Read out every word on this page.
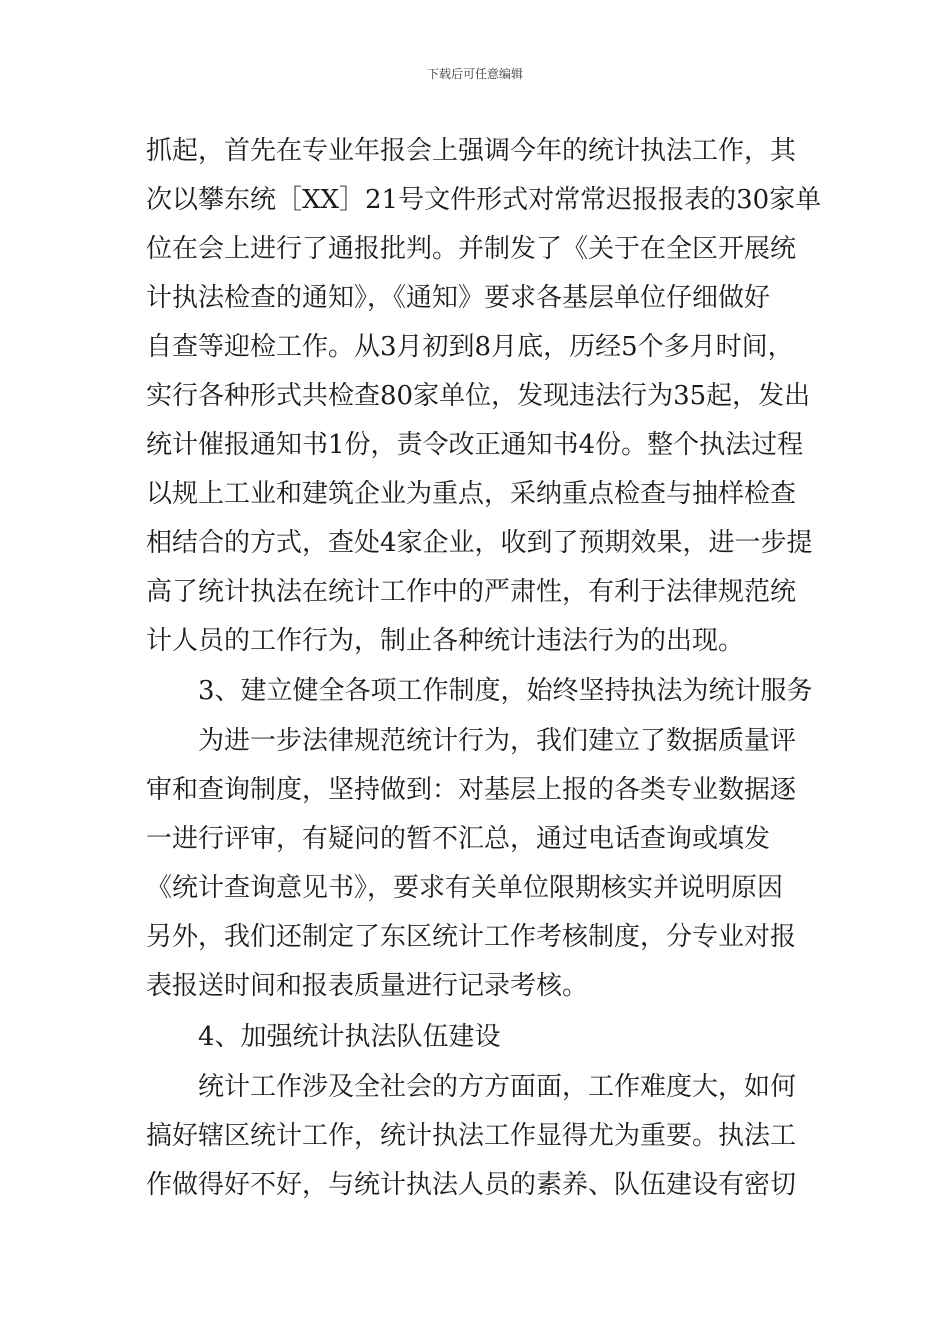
下载后可任意编辑
抓起，首先在专业年报会上强调今年的统计执法工作，其
次以攀东统［XX］21号文件形式对常常迟报报表的30家单
位在会上进行了通报批判。并制发了《关于在全区开展统
计执法检查的通知》，《通知》要求各基层单位仔细做好
自查等迎检工作。从3月初到8月底，历经5个多月时间，
实行各种形式共检查80家单位，发现违法行为35起，发出
统计催报通知书1份，责令改正通知书4份。整个执法过程
以规上工业和建筑企业为重点，采纳重点检查与抽样检查
相结合的方式，查处4家企业，收到了预期效果，进一步提
高了统计执法在统计工作中的严肃性，有利于法律规范统
计人员的工作行为，制止各种统计违法行为的出现。
3、建立健全各项工作制度，始终坚持执法为统计服务
为进一步法律规范统计行为，我们建立了数据质量评
审和查询制度，坚持做到：对基层上报的各类专业数据逐
一进行评审，有疑问的暂不汇总，通过电话查询或填发
《统计查询意见书》，要求有关单位限期核实并说明原因
另外，我们还制定了东区统计工作考核制度，分专业对报
表报送时间和报表质量进行记录考核。
4、加强统计执法队伍建设
统计工作涉及全社会的方方面面，工作难度大，如何
搞好辖区统计工作，统计执法工作显得尤为重要。执法工
作做得好不好，与统计执法人员的素养、队伍建设有密切
